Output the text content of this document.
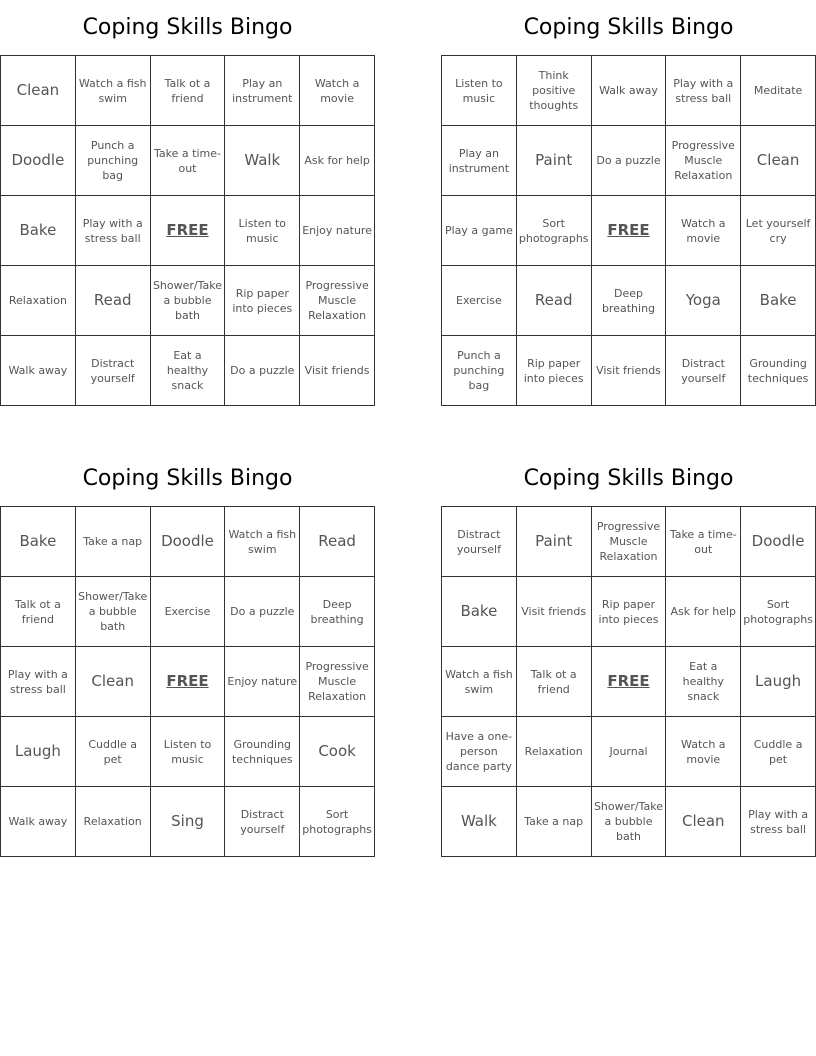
Coping Skills Bingo
Clean	Watch a fish swim	Talk ot a friend	Play an instrument	Watch a movie
Doodle	Punch a punching bag	Take a time-out	Walk	Ask for help
Bake	Play with a stress ball	FREE	Listen to music	Enjoy nature
Relaxation	Read	Shower/Take a bubble bath	Rip paper into pieces	Progressive Muscle Relaxation
Walk away	Distract yourself	Eat a healthy snack	Do a puzzle	Visit friends
Coping Skills Bingo
Listen to music	Think positive thoughts	Walk away	Play with a stress ball	Meditate
Play an instrument	Paint	Do a puzzle	Progressive Muscle Relaxation	Clean
Play a game	Sort photographs	FREE	Watch a movie	Let yourself cry
Exercise	Read	Deep breathing	Yoga	Bake
Punch a punching bag	Rip paper into pieces	Visit friends	Distract yourself	Grounding techniques
Coping Skills Bingo
Bake	Take a nap	Doodle	Watch a fish swim	Read
Talk ot a friend	Shower/Take a bubble bath	Exercise	Do a puzzle	Deep breathing
Play with a stress ball	Clean	FREE	Enjoy nature	Progressive Muscle Relaxation
Laugh	Cuddle a pet	Listen to music	Grounding techniques	Cook
Walk away	Relaxation	Sing	Distract yourself	Sort photographs
Coping Skills Bingo
Distract yourself	Paint	Progressive Muscle Relaxation	Take a time-out	Doodle
Bake	Visit friends	Rip paper into pieces	Ask for help	Sort photographs
Watch a fish swim	Talk ot a friend	FREE	Eat a healthy snack	Laugh
Have a one-person dance party	Relaxation	Journal	Watch a movie	Cuddle a pet
Walk	Take a nap	Shower/Take a bubble bath	Clean	Play with a stress ball
